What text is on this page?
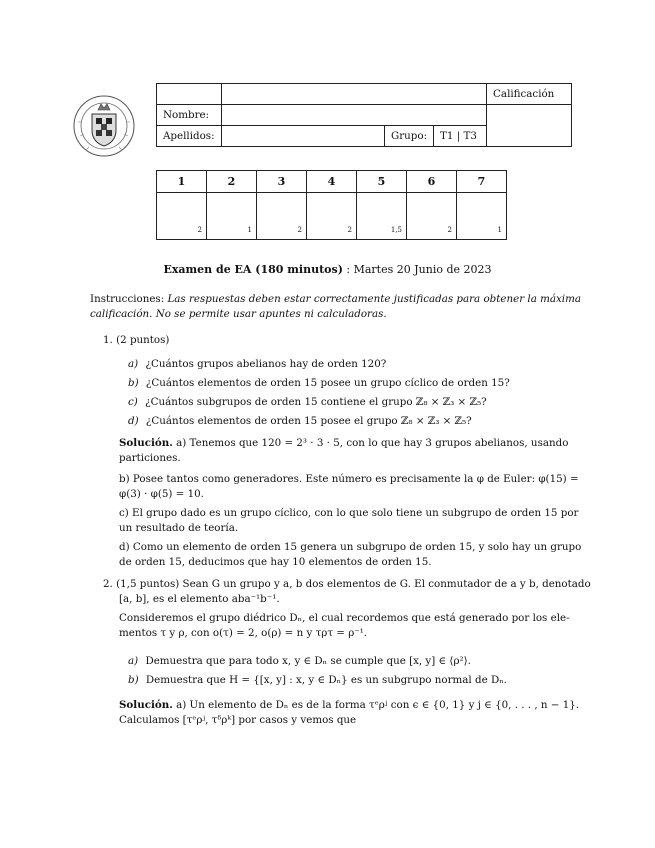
				Calificación
Nombre:				
Apellidos:		Grupo:	T1 | T3	
1	2	3	4	5	6	7
2	1	2	2	1,5	2	1
Examen de EA (180 minutos) : Martes 20 Junio de 2023
Instrucciones: Las respuestas deben estar correctamente justificadas para obtener la máxima
calificación. No se permite usar apuntes ni calculadoras.
1. (2 puntos)
a) ¿Cuántos grupos abelianos hay de orden 120?
b) ¿Cuántos elementos de orden 15 posee un grupo cíclico de orden 15?
c) ¿Cuántos subgrupos de orden 15 contiene el grupo ℤ₈ × ℤ₃ × ℤ₅?
d) ¿Cuántos elementos de orden 15 posee el grupo ℤ₈ × ℤ₃ × ℤ₅?
Solución. a) Tenemos que 120 = 2³ · 3 · 5, con lo que hay 3 grupos abelianos, usando
particiones.
b) Posee tantos como generadores. Este número es precisamente la φ de Euler: φ(15) =
φ(3) · φ(5) = 10.
c) El grupo dado es un grupo cíclico, con lo que solo tiene un subgrupo de orden 15 por
un resultado de teoría.
d) Como un elemento de orden 15 genera un subgrupo de orden 15, y solo hay un grupo
de orden 15, deducimos que hay 10 elementos de orden 15.
2. (1,5 puntos) Sean G un grupo y a, b dos elementos de G. El conmutador de a y b, denotado
[a, b], es el elemento aba⁻¹b⁻¹.
Consideremos el grupo diédrico Dₙ, el cual recordemos que está generado por los ele-
mentos τ y ρ, con o(τ) = 2, o(ρ) = n y τρτ = ρ⁻¹.
a) Demuestra que para todo x, y ∈ Dₙ se cumple que [x, y] ∈ ⟨ρ²⟩.
b) Demuestra que H = {[x, y] : x, y ∈ Dₙ} es un subgrupo normal de Dₙ.
Solución. a) Un elemento de Dₙ es de la forma τᵉρʲ con ϵ ∈ {0, 1} y j ∈ {0, . . . , n − 1}.
Calculamos [τᵉρʲ, τᵟρᵏ] por casos y vemos que
